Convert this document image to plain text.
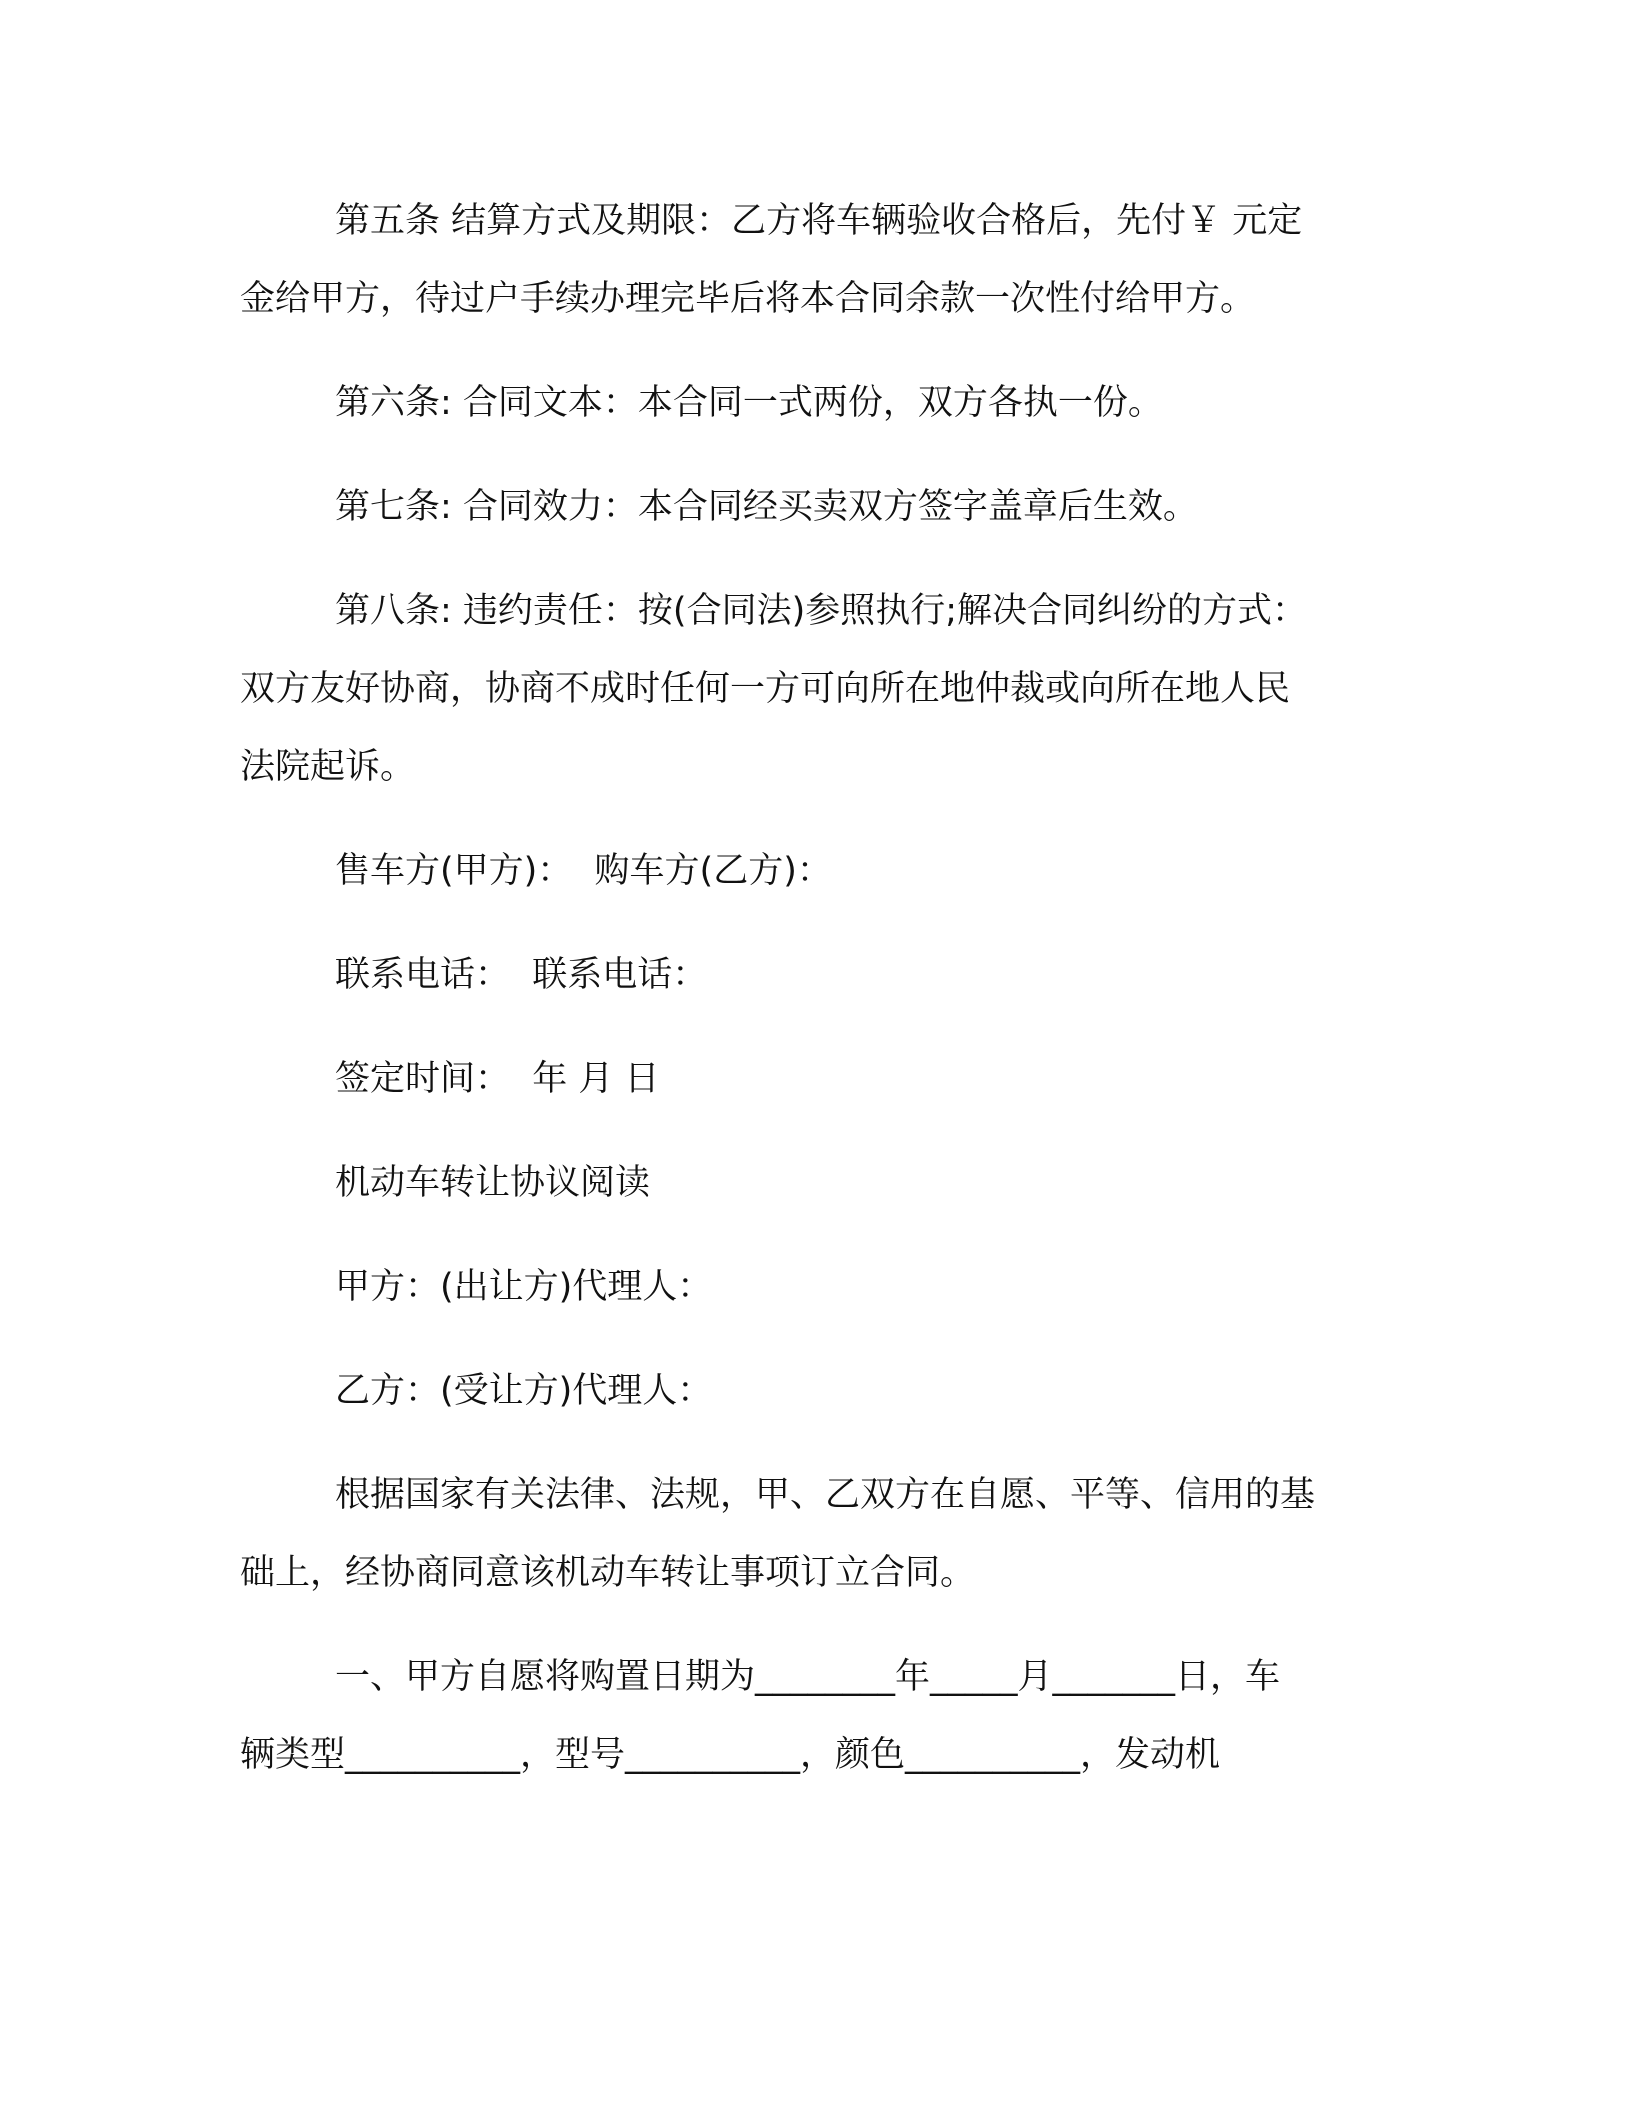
第五条 结算方式及期限：乙方将车辆验收合格后，先付￥ 元定
金给甲方，待过户手续办理完毕后将本合同余款一次性付给甲方。
第六条: 合同文本：本合同一式两份，双方各执一份。
第七条: 合同效力：本合同经买卖双方签字盖章后生效。
第八条: 违约责任：按(合同法)参照执行;解决合同纠纷的方式：
双方友好协商，协商不成时任何一方可向所在地仲裁或向所在地人民
法院起诉。
售车方(甲方)：  购车方(乙方)：
联系电话：  联系电话：
签定时间：  年 月 日
机动车转让协议阅读
甲方：(出让方)代理人：
乙方：(受让方)代理人：
根据国家有关法律、法规，甲、乙双方在自愿、平等、信用的基
础上，经协商同意该机动车转让事项订立合同。
一、甲方自愿将购置日期为________年_____月_______日，车
辆类型__________，型号__________，颜色__________，发动机
